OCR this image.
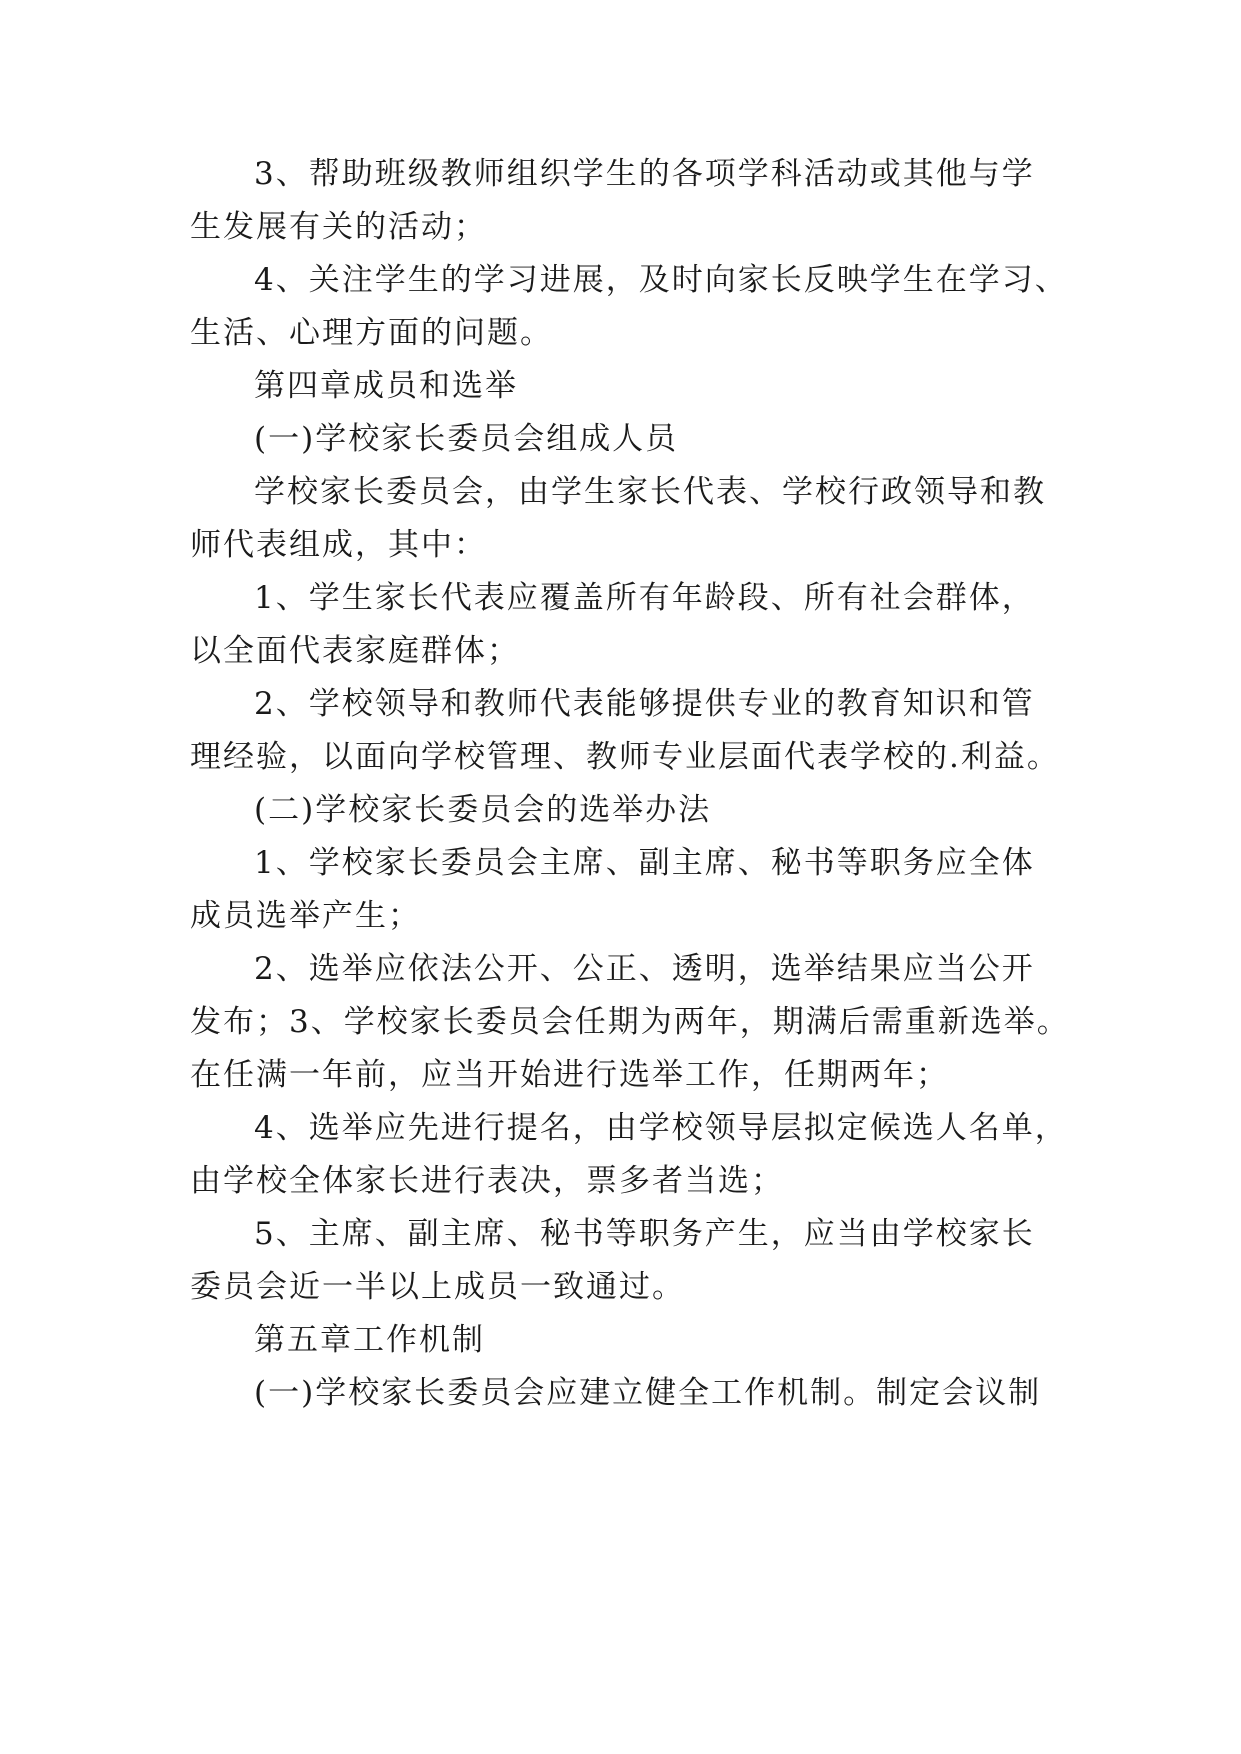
3、帮助班级教师组织学生的各项学科活动或其他与学
生发展有关的活动；
4、关注学生的学习进展，及时向家长反映学生在学习、
生活、心理方面的问题。
第四章成员和选举
(一)学校家长委员会组成人员
学校家长委员会，由学生家长代表、学校行政领导和教
师代表组成，其中：
1、学生家长代表应覆盖所有年龄段、所有社会群体，
以全面代表家庭群体；
2、学校领导和教师代表能够提供专业的教育知识和管
理经验，以面向学校管理、教师专业层面代表学校的.利益。
(二)学校家长委员会的选举办法
1、学校家长委员会主席、副主席、秘书等职务应全体
成员选举产生；
2、选举应依法公开、公正、透明，选举结果应当公开
发布；3、学校家长委员会任期为两年，期满后需重新选举。
在任满一年前，应当开始进行选举工作，任期两年；
4、选举应先进行提名，由学校领导层拟定候选人名单，
由学校全体家长进行表决，票多者当选；
5、主席、副主席、秘书等职务产生，应当由学校家长
委员会近一半以上成员一致通过。
第五章工作机制
(一)学校家长委员会应建立健全工作机制。制定会议制
